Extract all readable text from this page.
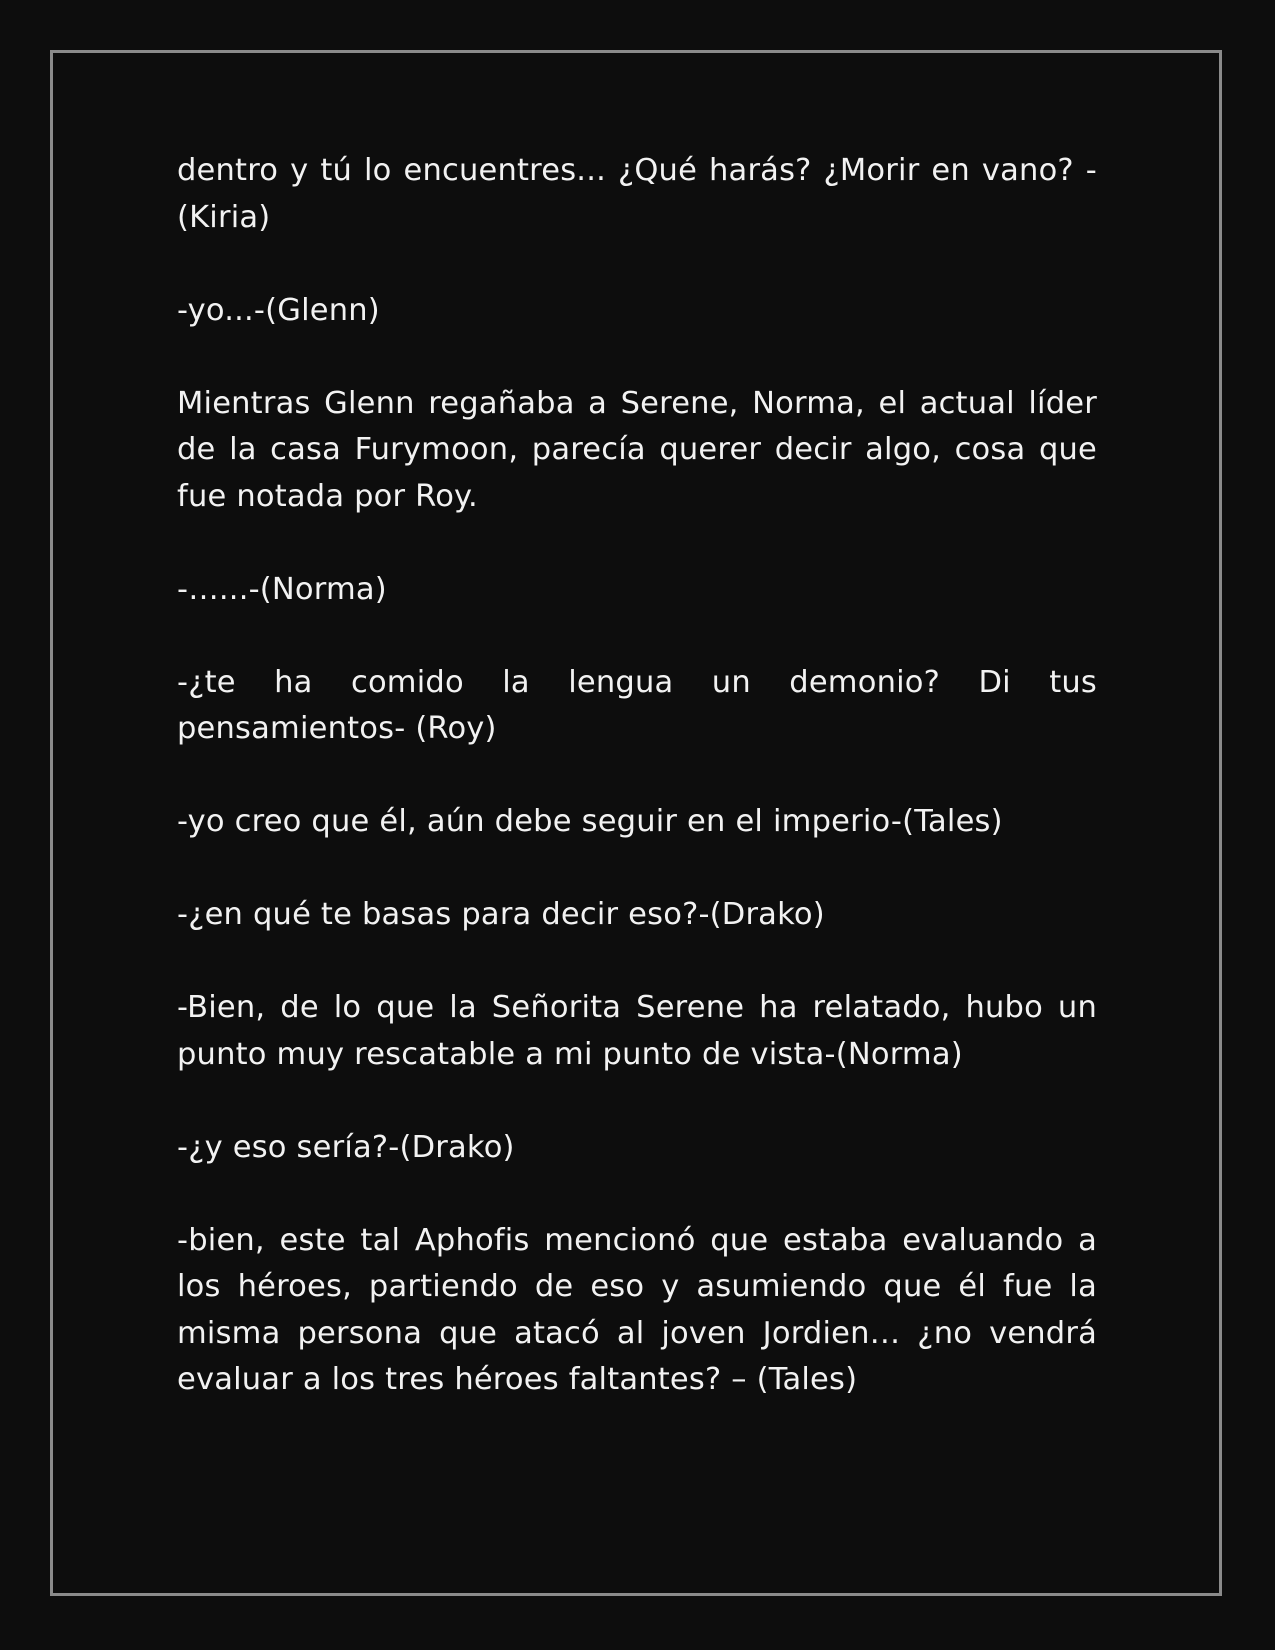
dentro y tú lo encuentres... ¿Qué harás? ¿Morir en vano? - (Kiria)

-yo...-(Glenn)

Mientras Glenn regañaba a Serene, Norma, el actual líder de la casa Furymoon, parecía querer decir algo, cosa que fue notada por Roy.

-…...-(Norma)

-¿te ha comido la lengua un demonio? Di tus pensamientos- (Roy)

-yo creo que él, aún debe seguir en el imperio-(Tales)

-¿en qué te basas para decir eso?-(Drako)

-Bien, de lo que la Señorita Serene ha relatado, hubo un punto muy rescatable a mi punto de vista-(Norma)

-¿y eso sería?-(Drako)

-bien, este tal Aphofis mencionó que estaba evaluando a los héroes, partiendo de eso y asumiendo que él fue la misma persona que atacó al joven Jordien… ¿no vendrá evaluar a los tres héroes faltantes? – (Tales)
